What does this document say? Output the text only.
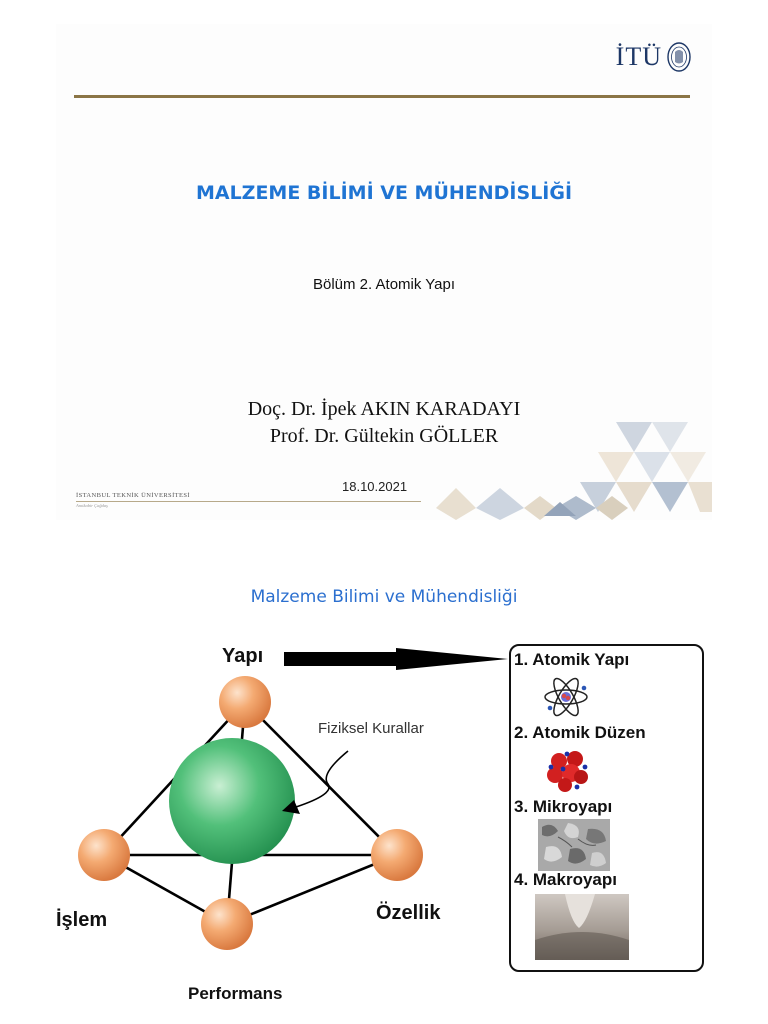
İTÜ
MALZEME BİLİMİ VE MÜHENDİSLİĞİ
Bölüm 2. Atomik Yapı
Doç. Dr. İpek AKIN KARADAYI
Prof. Dr. Gültekin GÖLLER
18.10.2021
İSTANBUL TEKNİK ÜNİVERSİTESİ
Anıtkabir Çağdaş
Malzeme Bilimi ve Mühendisliği
Yapı
İşlem	Özellik
Performans
Fiziksel Kurallar
1. Atomik Yapı
2. Atomik Düzen
3. Mikroyapı
4. Makroyapı
